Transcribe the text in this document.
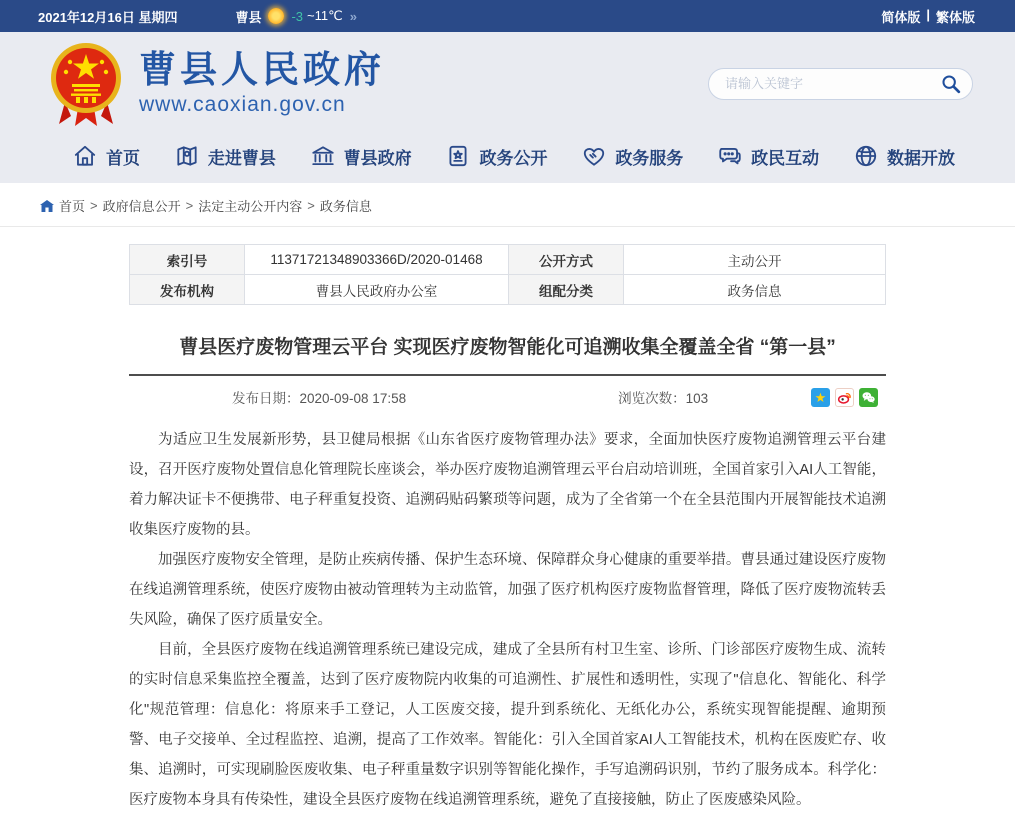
2021年12月16日 星期四	曹县 -3 ~11℃ »	简体版 | 繁体版
曹县人民政府
www.caoxian.gov.cn
请输入关键字
首页	走进曹县	曹县政府	政务公开	政务服务	政民互动	数据开放
首页 > 政府信息公开 > 法定主动公开内容 > 政务信息
索引号	11371721348903366D/2020-01468	公开方式	主动公开
发布机构	曹县人民政府办公室	组配分类	政务信息
曹县医疗废物管理云平台 实现医疗废物智能化可追溯收集全覆盖全省 “第一县”
发布日期：2020-09-08 17:58	浏览次数：103	★

为适应卫生发展新形势，县卫健局根据《山东省医疗废物管理办法》要求，全面加快医疗废物追溯管理云平台建设，召开医疗废物处置信息化管理院长座谈会，举办医疗废物追溯管理云平台启动培训班，全国首家引入AI人工智能，着力解决证卡不便携带、电子秤重复投资、追溯码贴码繁琐等问题，成为了全省第一个在全县范围内开展智能技术追溯收集医疗废物的县。

加强医疗废物安全管理，是防止疾病传播、保护生态环境、保障群众身心健康的重要举措。曹县通过建设医疗废物在线追溯管理系统，使医疗废物由被动管理转为主动监管，加强了医疗机构医疗废物监督管理，降低了医疗废物流转丢失风险，确保了医疗质量安全。

目前，全县医疗废物在线追溯管理系统已建设完成，建成了全县所有村卫生室、诊所、门诊部医疗废物生成、流转的实时信息采集监控全覆盖，达到了医疗废物院内收集的可追溯性、扩展性和透明性，实现了"信息化、智能化、科学化"规范管理：信息化：将原来手工登记，人工医废交接，提升到系统化、无纸化办公，系统实现智能提醒、逾期预警、电子交接单、全过程监控、追溯，提高了工作效率。智能化：引入全国首家AI人工智能技术，机构在医废贮存、收集、追溯时，可实现刷脸医废收集、电子秤重量数字识别等智能化操作，手写追溯码识别，节约了服务成本。科学化：医疗废物本身具有传染性，建设全县医疗废物在线追溯管理系统，避免了直接接触，防止了医废感染风险。
